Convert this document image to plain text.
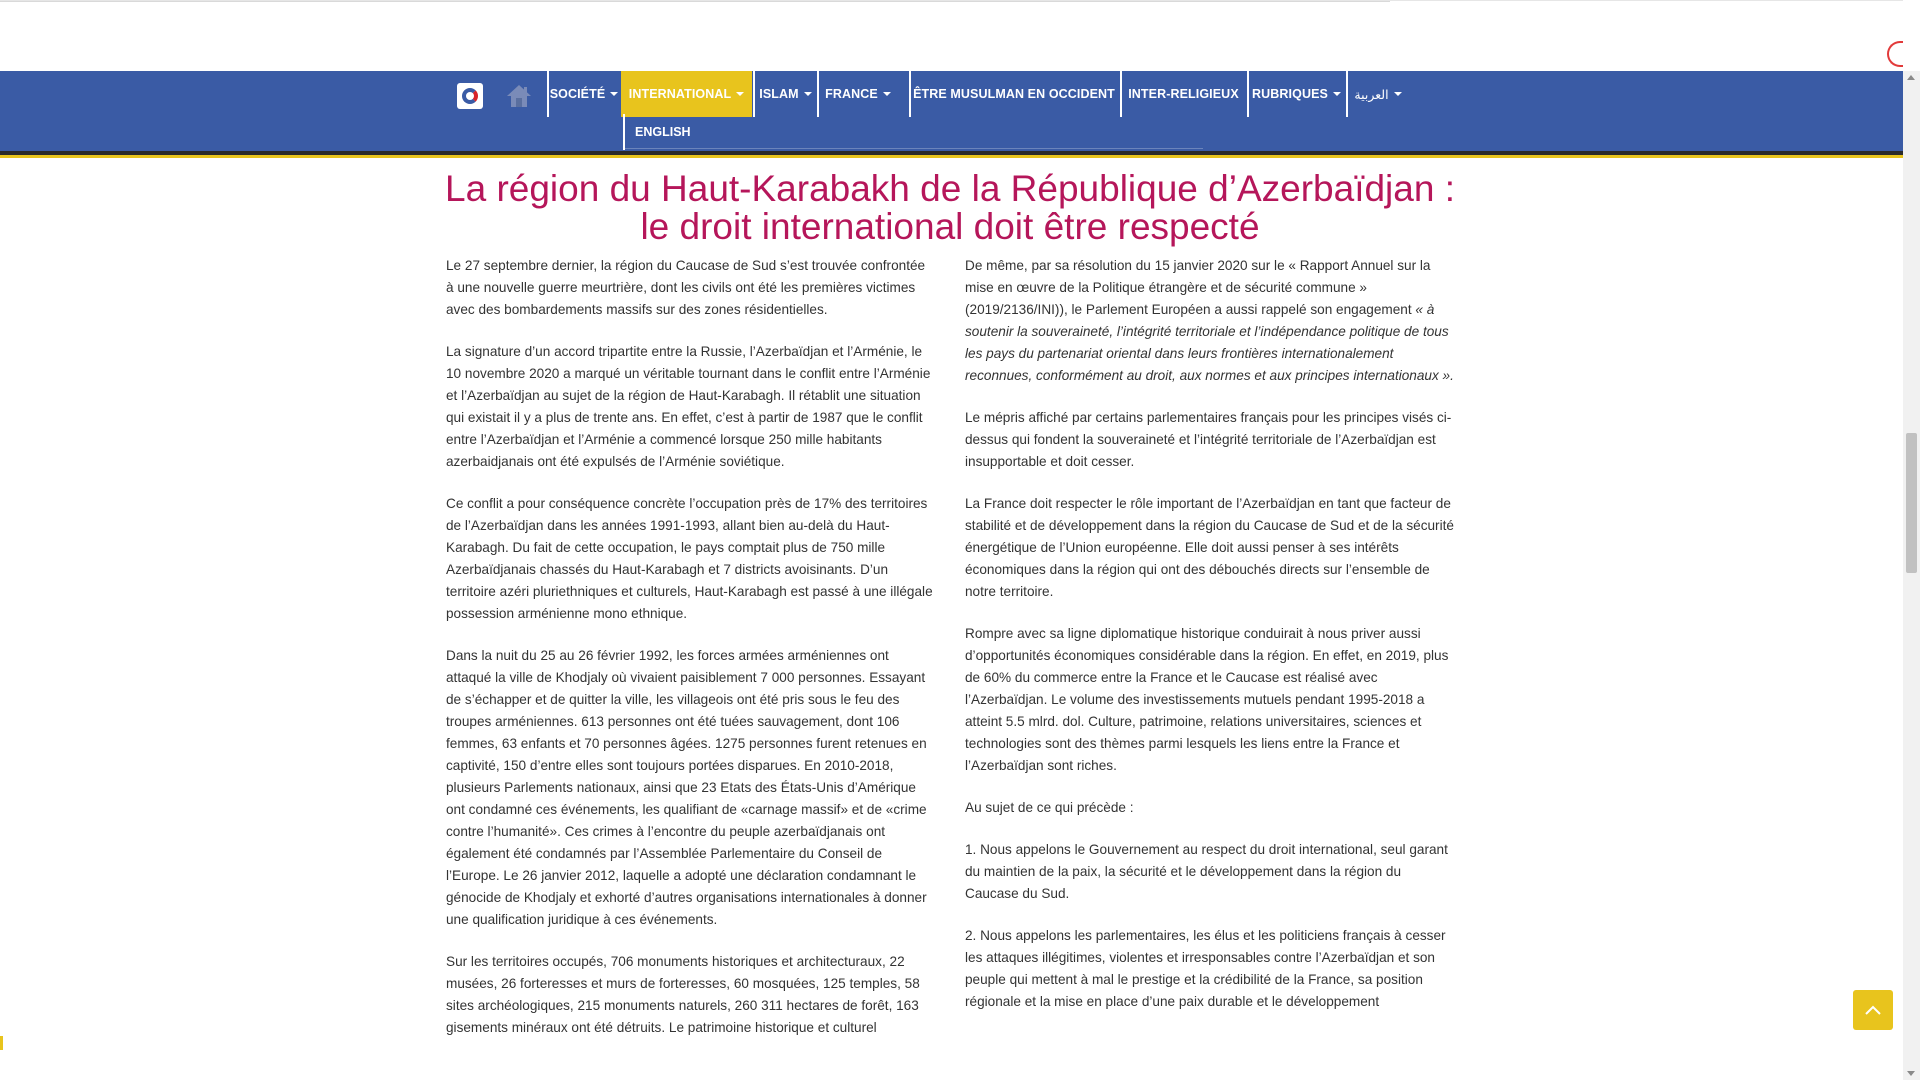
SOCIÉTÉ INTERNATIONAL ISLAM FRANCE	ÊTRE MUSULMAN EN OCCIDENT INTER-RELIGIEUX RUBRIQUES العربية
ENGLISH
La région du Haut-Karabakh de la République d’Azerbaïdjan : le droit international doit être respecté

Le 27 septembre dernier, la région du Caucase de Sud s’est trouvée confrontée à une nouvelle guerre meurtrière, dont les civils ont été les premières victimes avec des bombardements massifs sur des zones résidentielles.

La signature d’un accord tripartite entre la Russie, l’Azerbaïdjan et l’Arménie, le 10 novembre 2020 a marqué un véritable tournant dans le conflit entre l’Arménie et l’Azerbaïdjan au sujet de la région de Haut-Karabagh. Il rétablit une situation qui existait il y a plus de trente ans. En effet, c’est à partir de 1987 que le conflit entre l’Azerbaïdjan et l’Arménie a commencé lorsque 250 mille habitants azerbaidjanais ont été expulsés de l’Arménie soviétique.

Ce conflit a pour conséquence concrète l’occupation près de 17% des territoires de l’Azerbaïdjan dans les années 1991-1993, allant bien au-delà du Haut-Karabagh. Du fait de cette occupation, le pays comptait plus de 750 mille Azerbaïdjanais chassés du Haut-Karabagh et 7 districts avoisinants. D’un territoire azéri pluriethniques et culturels, Haut-Karabagh est passé à une illégale possession arménienne mono ethnique.

Dans la nuit du 25 au 26 février 1992, les forces armées arméniennes ont attaqué la ville de Khodjaly où vivaient paisiblement 7 000 personnes. Essayant de s’échapper et de quitter la ville, les villageois ont été pris sous le feu des troupes arméniennes. 613 personnes ont été tuées sauvagement, dont 106 femmes, 63 enfants et 70 personnes âgées. 1275 personnes furent retenues en captivité, 150 d’entre elles sont toujours portées disparues. En 2010-2018, plusieurs Parlements nationaux, ainsi que 23 Etats des États-Unis d’Amérique ont condamné ces événements, les qualifiant de «carnage massif» et de «crime contre l’humanité». Ces crimes à l’encontre du peuple azerbaïdjanais ont également été condamnés par l’Assemblée Parlementaire du Conseil de l’Europe. Le 26 janvier 2012, laquelle a adopté une déclaration condamnant le génocide de Khodjaly et exhorté d’autres organisations internationales à donner une qualification juridique à ces événements.

Sur les territoires occupés, 706 monuments historiques et architecturaux, 22 musées, 26 forteresses et murs de forteresses, 60 mosquées, 125 temples, 58 sites archéologiques, 215 monuments naturels, 260 311 hectares de forêt, 163 gisements minéraux ont été détruits. Le patrimoine historique et culturel

De même, par sa résolution du 15 janvier 2020 sur le « Rapport Annuel sur la mise en œuvre de la Politique étrangère et de sécurité commune » (2019/2136/INI)), le Parlement Européen a aussi rappelé son engagement « à soutenir la souveraineté, l’intégrité territoriale et l’indépendance politique de tous les pays du partenariat oriental dans leurs frontières internationalement reconnues, conformément au droit, aux normes et aux principes internationaux ».

Le mépris affiché par certains parlementaires français pour les principes visés ci-dessus qui fondent la souveraineté et l’intégrité territoriale de l’Azerbaïdjan est insupportable et doit cesser.

La France doit respecter le rôle important de l’Azerbaïdjan en tant que facteur de stabilité et de développement dans la région du Caucase de Sud et de la sécurité énergétique de l’Union européenne. Elle doit aussi penser à ses intérêts économiques dans la région qui ont des débouchés directs sur l’ensemble de notre territoire.

Rompre avec sa ligne diplomatique historique conduirait à nous priver aussi d’opportunités économiques considérable dans la région. En effet, en 2019, plus de 60% du commerce entre la France et le Caucase est réalisé avec l’Azerbaïdjan. Le volume des investissements mutuels pendant 1995-2018 a atteint 5.5 mlrd. dol. Culture, patrimoine, relations universitaires, sciences et technologies sont des thèmes parmi lesquels les liens entre la France et l’Azerbaïdjan sont riches.

Au sujet de ce qui précède :

1. Nous appelons le Gouvernement au respect du droit international, seul garant du maintien de la paix, la sécurité et le développement dans la région du Caucase du Sud.

2. Nous appelons les parlementaires, les élus et les politiciens français à cesser les attaques illégitimes, violentes et irresponsables contre l’Azerbaïdjan et son peuple qui mettent à mal le prestige et la crédibilité de la France, sa position régionale et la mise en place d’une paix durable et le développement
